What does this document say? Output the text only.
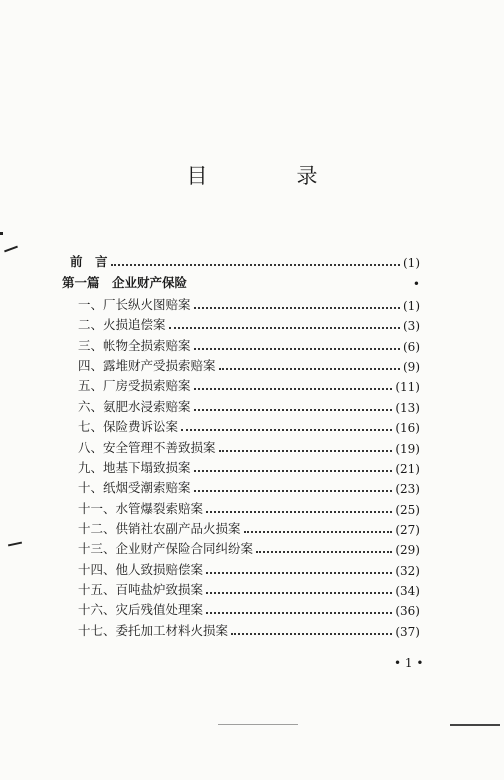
目　录
前　言	(1)
第一篇　企业财产保险	•
一、厂长纵火图赔案	(1)
二、火损追偿案	(3)
三、帐物全损索赔案	(6)
四、露堆财产受损索赔案	(9)
五、厂房受损索赔案	(11)
六、氨肥水浸索赔案	(13)
七、保险费诉讼案	(16)
八、安全管理不善致损案	(19)
九、地基下塌致损案	(21)
十、纸烟受潮索赔案	(23)
十一、水管爆裂索赔案	(25)
十二、供销社农副产品火损案	(27)
十三、企业财产保险合同纠纷案	(29)
十四、他人致损赔偿案	(32)
十五、百吨盐炉致损案	(34)
十六、灾后残值处理案	(36)
十七、委托加工材料火损案	(37)
• 1 •
